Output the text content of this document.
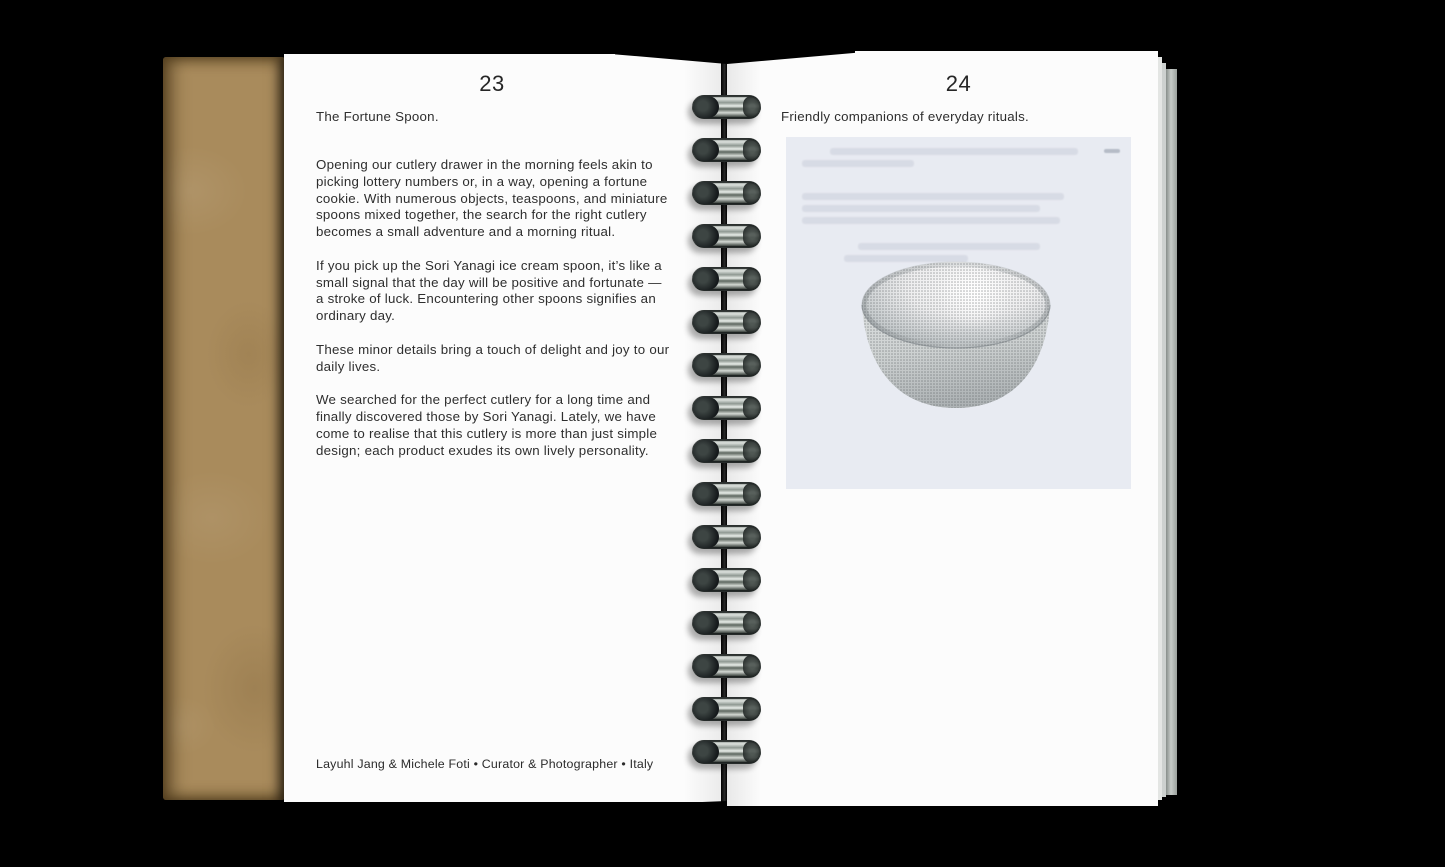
23
The Fortune Spoon.

Opening our cutlery drawer in the morning feels akin to picking lottery numbers or, in a way, opening a fortune cookie. With numerous objects, teaspoons, and miniature spoons mixed together, the search for the right cutlery becomes a small adventure and a morning ritual.

If you pick up the Sori Yanagi ice cream spoon, it’s like a small signal that the day will be positive and fortunate — a stroke of luck. Encountering other spoons signifies an ordinary day.

These minor details bring a touch of delight and joy to our daily lives.

We searched for the perfect cutlery for a long time and finally discovered those by Sori Yanagi. Lately, we have come to realise that this cutlery is more than just simple design; each product exudes its own lively personality.

Layuhl Jang & Michele Foti • Curator & Photographer • Italy
24
Friendly companions of everyday rituals.
